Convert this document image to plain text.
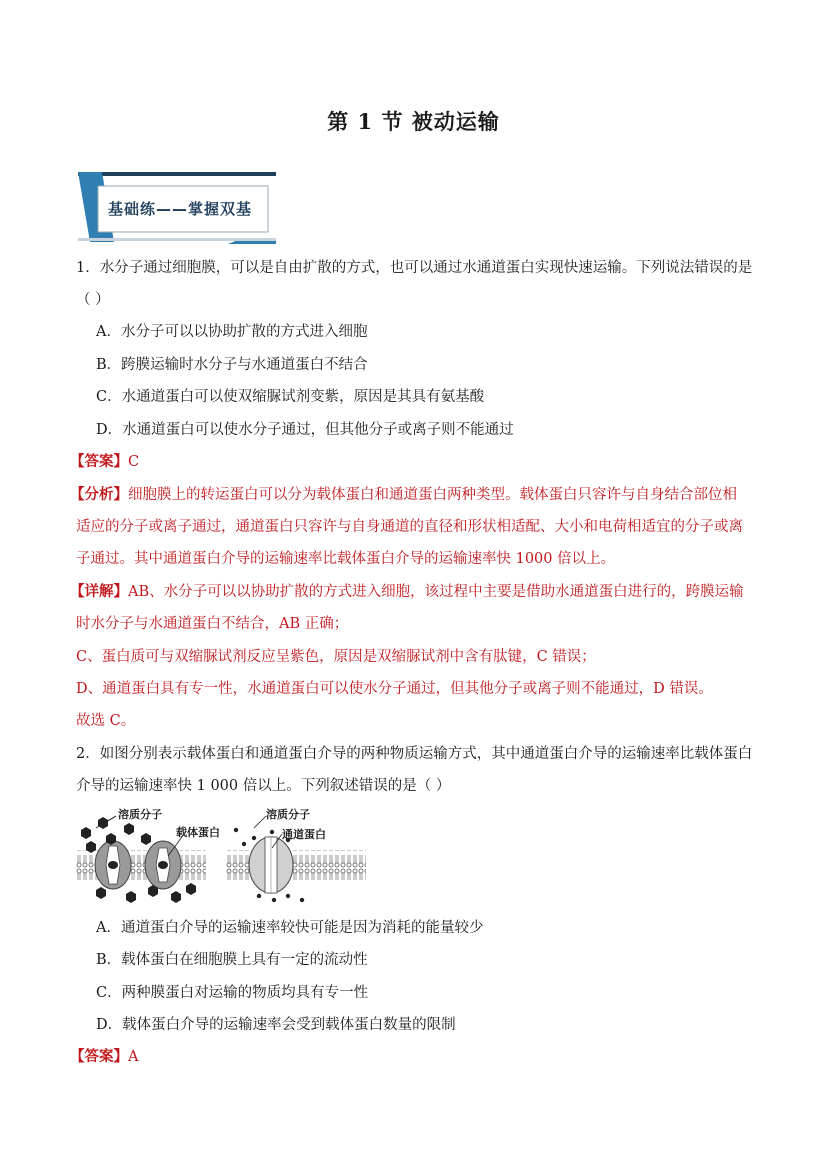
第 1 节 被动运输
基础练——掌握双基
1．水分子通过细胞膜，可以是自由扩散的方式，也可以通过水通道蛋白实现快速运输。下列说法错误的是
（ ）
A．水分子可以以协助扩散的方式进入细胞
B．跨膜运输时水分子与水通道蛋白不结合
C．水通道蛋白可以使双缩脲试剂变紫，原因是其具有氨基酸
D．水通道蛋白可以使水分子通过，但其他分子或离子则不能通过
【答案】C
【分析】细胞膜上的转运蛋白可以分为载体蛋白和通道蛋白两种类型。载体蛋白只容许与自身结合部位相
适应的分子或离子通过，通道蛋白只容许与自身通道的直径和形状相适配、大小和电荷相适宜的分子或离
子通过。其中通道蛋白介导的运输速率比载体蛋白介导的运输速率快 1000 倍以上。
【详解】AB、水分子可以以协助扩散的方式进入细胞，该过程中主要是借助水通道蛋白进行的，跨膜运输
时水分子与水通道蛋白不结合，AB 正确；
C、蛋白质可与双缩脲试剂反应呈紫色，原因是双缩脲试剂中含有肽键，C 错误；
D、通道蛋白具有专一性，水通道蛋白可以使水分子通过，但其他分子或离子则不能通过，D 错误。
故选 C。
2．如图分别表示载体蛋白和通道蛋白介导的两种物质运输方式，其中通道蛋白介导的运输速率比载体蛋白
介导的运输速率快 1 000 倍以上。下列叙述错误的是（ ）
溶质分子
载体蛋白
溶质分子
通道蛋白
A．通道蛋白介导的运输速率较快可能是因为消耗的能量较少
B．载体蛋白在细胞膜上具有一定的流动性
C．两种膜蛋白对运输的物质均具有专一性
D．载体蛋白介导的运输速率会受到载体蛋白数量的限制
【答案】A
